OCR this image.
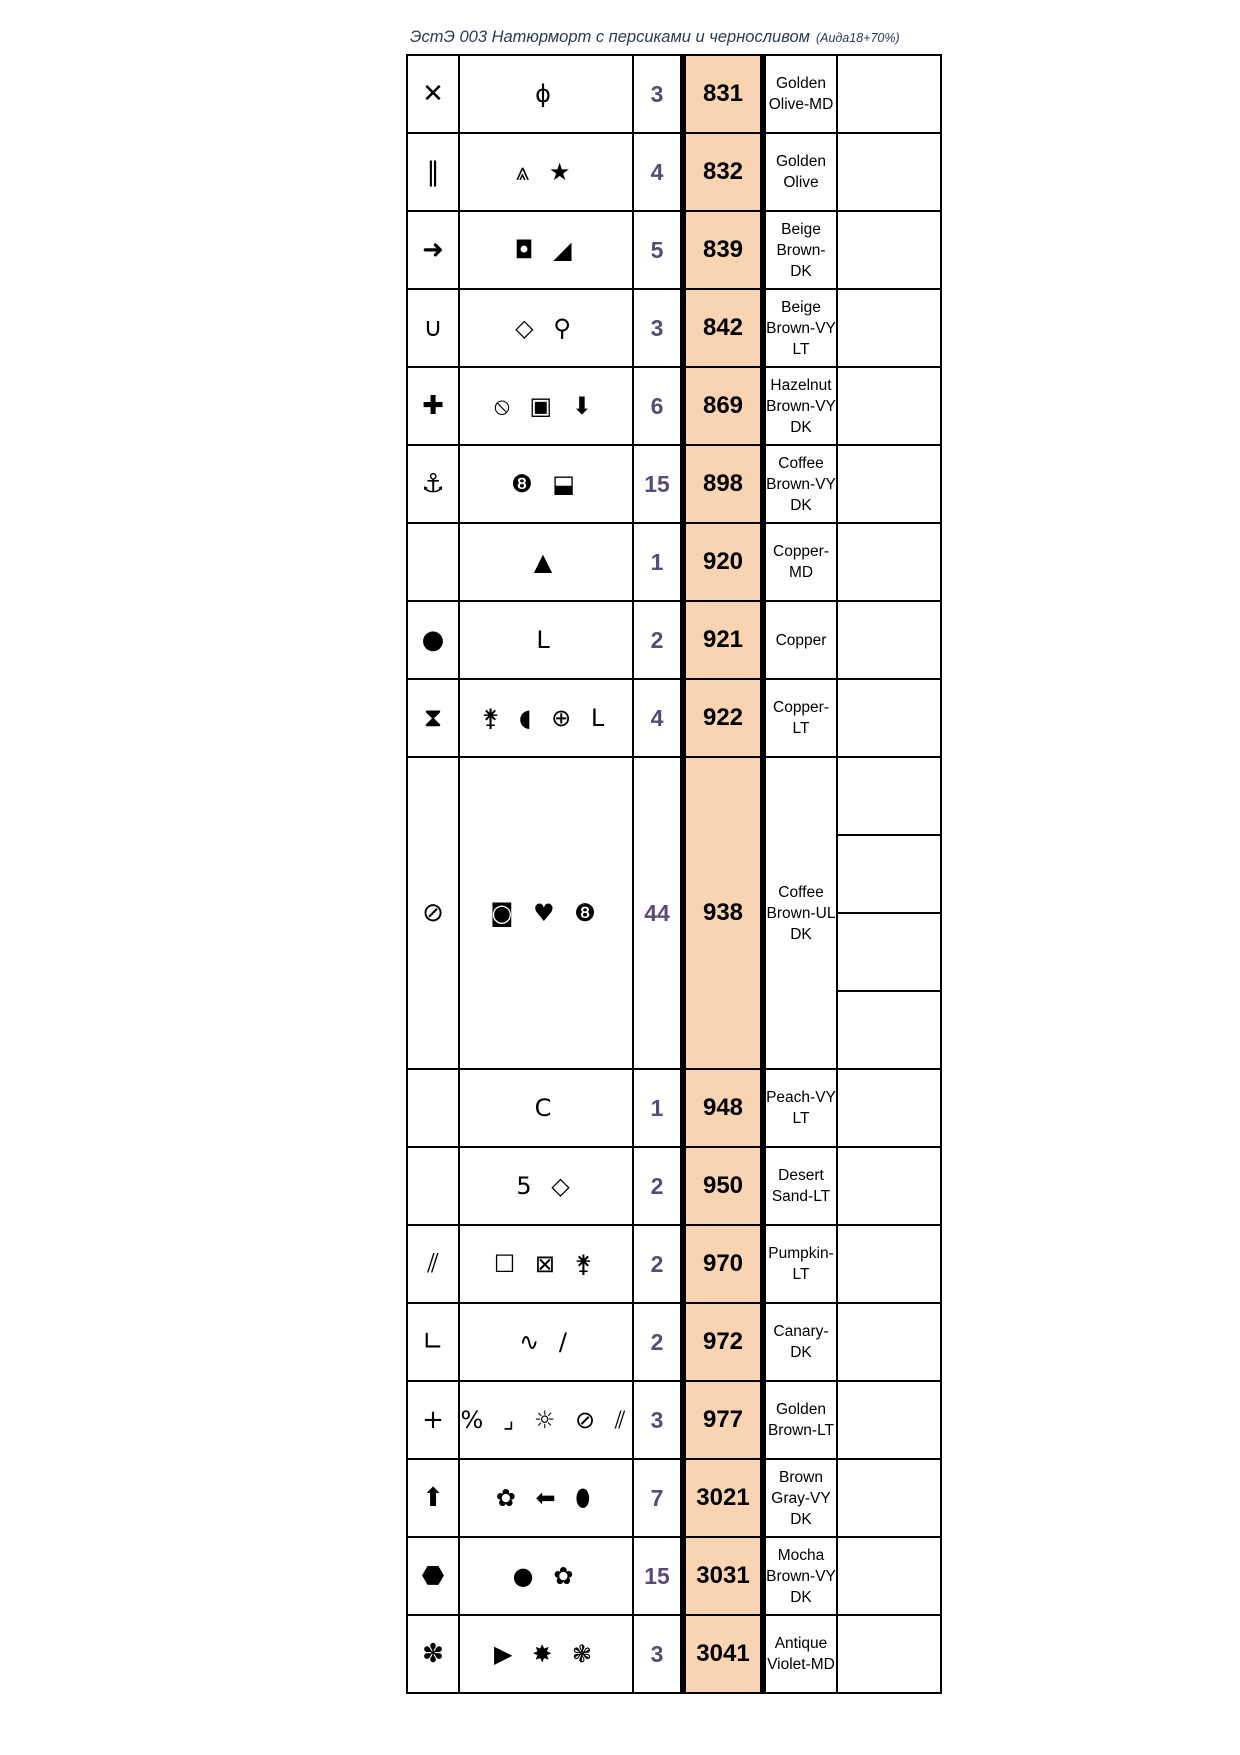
ЭстЭ 003 Натюрморт с персиками и черносливом (Аида18+70%)
✕	ɸ	3	831	Golden Olive-MD	
‖	⩓ ★	4	832	Golden Olive	
➜	◘ ◢	5	839	Beige Brown-DK	
∪	◇ ⚲	3	842	Beige Brown-VY LT	
✚	⦸ ▣ ⬇	6	869	Hazelnut Brown-VY DK	
⚓	❽ ⬓	15	898	Coffee Brown-VY DK	
	▲	1	920	Copper-MD	
●	L	2	921	Copper	
⧗	⚵ ◖ ⊕ L	4	922	Copper-LT	
⊘	◙ ♥ ❽	44	938	Coffee Brown-UL DK	

	C	1	948	Peach-VY LT	
	5 ◇	2	950	Desert Sand-LT	
⫽	☐ ⊠ ⚵	2	970	Pumpkin-LT	
∟	∿ ∕	2	972	Canary-DK	
+	% ⌟ ☼ ⊘ ⫽	3	977	Golden Brown-LT	
⬆	✿ ⬅ ⬮	7	3021	Brown Gray-VY DK	
⬣	● ✿	15	3031	Mocha Brown-VY DK	
✽	▶ ✸ ❃	3	3041	Antique Violet-MD	
